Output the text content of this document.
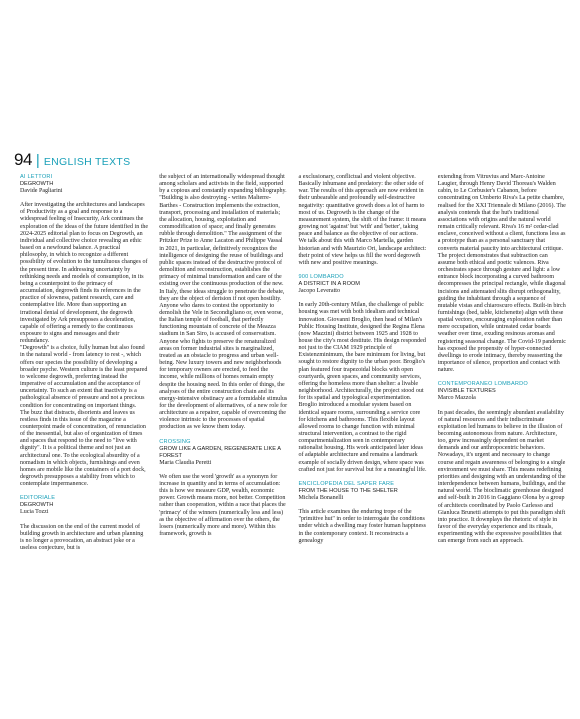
94 | ENGLISH TEXTS
AI LETTORI
DEGROWTH
Davide Pagliarini

After investigating the architectures and landscapes of Productivity as a goal and response to a widespread feeling of Insecurity, Ark continues the exploration of the ideas of the future identified in the 2024-2025 editorial plan to focus on Degrowth, an individual and collective choice revealing an ethic based on a newfound balance. A practical philosophy, in which to recognize a different possibility of evolution to the tumultuous changes of the present time. In addressing uncertainty by rethinking needs and models of consumption, in its being a counterpoint to the primacy of accumulation, degrowth finds its references in the practice of slowness, patient research, care and contemplative life. More than supporting an irrational denial of development, the degrowth investigated by Ark presupposes a deceleration, capable of offering a remedy to the continuous exposure to signs and messages and their redundancy.

"Degrowth" is a choice, fully human but also found in the natural world - from latency to rest -, which offers our species the possibility of developing a broader psyche. Western culture is the least prepared to welcome degrowth, preferring instead the imperative of accumulation and the acceptance of uncertainty. To such an extent that inactivity is a pathological absence of pressure and not a precious condition for concentrating on important things.

The buzz that distracts, disorients and leaves us restless finds in this issue of the magazine a counterpoint made of concentration, of renunciation of the inessential, but also of organization of times and spaces that respond to the need to "live with dignity". It is a political theme and not just an architectural one. To the ecological absurdity of a nomadism in which objects, furnishings and even homes are mobile like the containers of a port dock, degrowth presupposes a stability from which to contemplate impermanence.

EDITORIALE
DEGROWTH
Lucia Tozzi

The discussion on the end of the current model of building growth in architecture and urban planning is no longer a provocation, an abstract joke or a useless conjecture, but is

the subject of an internationally widespread thought among scholars and activists in the field, supported by a copious and constantly expanding bibliography. "Building is also destroying - writes Malterre-Barthes - Construction implements the extraction, transport, processing and installation of materials; the allocation, housing, exploitation and commodification of space; and finally generates rubble through demolition." The assignment of the Pritzker Prize to Anne Lacaton and Philippe Vassal in 2021, in particular, definitively recognizes the intelligence of designing the reuse of buildings and public spaces instead of the destructive protocol of demolition and reconstruction, establishes the primacy of minimal transformation and care of the existing over the continuous production of the new. In Italy, these ideas struggle to penetrate the debate, they are the object of derision if not open hostility. Anyone who dares to contest the opportunity to demolish the Vele in Secondigliano or, even worse, the Italian temple of football, that perfectly functioning mountain of concrete of the Meazza stadium in San Siro, is accused of conservatism. Anyone who fights to preserve the renaturalized areas on former industrial sites is marginalized, treated as an obstacle to progress and urban well-being. New luxury towers and new neighborhoods for temporary owners are erected, to feed the income, while millions of homes remain empty despite the housing need. In this order of things, the analyses of the entire construction chain and its energy-intensive obstinacy are a formidable stimulus for the development of alternatives, of a new role for architecture as a repairer, capable of overcoming the violence intrinsic to the processes of spatial production as we know them today.

CROSSING
GROW LIKE A GARDEN, REGENERATE LIKE A FOREST
Maria Claudia Peretti

We often use the word 'growth' as a synonym for increase in quantity and in terms of accumulation: this is how we measure GDP, wealth, economic power. Growth means more, not better. Competition rather than cooperation, within a race that places the 'primacy' of the winners (numerically less and less) as the objective of affirmation over the others, the losers (numerically more and more). Within this framework, growth is

a exclusionary, conflictual and violent objective. Basically inhumane and predatory: the other side of war. The results of this approach are now evident in their unbearable and profoundly self-destructive negativity: quantitative growth does a lot of harm to most of us. Degrowth is the change of the measurement system, the shift of the frame: it means growing not 'against' but 'with' and 'better', taking peace and balance as the objective of our actions. We talk about this with Marco Martella, garden historian and with Maurizio Ori, landscape architect: their point of view helps us fill the word degrowth with new and positive meanings.

900 LOMBARDO
A DISTRICT IN A ROOM
Jacopo Leveratto

In early 20th-century Milan, the challenge of public housing was met with both idealism and technical innovation. Giovanni Broglio, then head of Milan's Public Housing Institute, designed the Regina Elena (now Mazzini) district between 1925 and 1928 to house the city's most destitute. His design responded not just to the CIAM 1929 principle of Existenzminimum, the bare minimum for living, but sought to restore dignity to the urban poor. Broglio's plan featured four trapezoidal blocks with open courtyards, green spaces, and community services, offering the homeless more than shelter: a livable neighborhood. Architecturally, the project stood out for its spatial and typological experimentation. Broglio introduced a modular system based on identical square rooms, surrounding a service core for kitchens and bathrooms. This flexible layout allowed rooms to change function with minimal structural intervention, a contrast to the rigid compartmentalization seen in contemporary rationalist housing. His work anticipated later ideas of adaptable architecture and remains a landmark example of socially driven design, where space was crafted not just for survival but for a meaningful life.

ENCICLOPEDIA DEL SAPER FARE
FROM THE HOUSE TO THE SHELTER
Michela Bonanelli

This article examines the enduring trope of the "primitive hut" in order to interrogate the conditions under which a dwelling may foster human happiness in the contemporary context. It reconstructs a genealogy

extending from Vitruvius and Marc-Antoine Laugier, through Henry David Thoreau's Walden cabin, to Le Corbusier's Cabanon, before concentrating on Umberto Riva's La petite chambre, realised for the XXI Triennale di Milano (2016). The analysis contends that the hut's traditional associations with origins and the natural world remain critically relevant. Riva's 16 m² cedar-clad enclave, conceived without a client, functions less as a prototype than as a personal sanctuary that converts material paucity into architectural critique. The project demonstrates that subtraction can assume both ethical and poetic valences. Riva orchestrates space through gesture and light: a low entrance block incorporating a curved bathroom decompresses the principal rectangle, while diagonal incisions and attenuated slits disrupt orthogonality, guiding the inhabitant through a sequence of mutable vistas and chiaroscuro effects. Built-in birch furnishings (bed, table, kitchenette) align with these spatial vectors, encouraging exploration rather than mere occupation, while untreated cedar boards weather over time, exuding resinous aromas and registering seasonal change. The Covid-19 pandemic has exposed the propensity of hyper-connected dwellings to erode intimacy, thereby reasserting the importance of silence, proportion and contact with nature.

CONTEMPORANEO LOMBARDO
INVISIBLE TEXTURES
Marco Mazzola

In past decades, the seemingly abundant availability of natural resources and their indiscriminate exploitation led humans to believe in the illusion of becoming autonomous from nature. Architecture, too, grew increasingly dependent on market demands and our anthropocentric behaviors. Nowadays, it's urgent and necessary to change course and regain awareness of belonging to a single environment we must share. This means redefining priorities and designing with an understanding of the interdependence between humans, buildings, and the natural world. The bioclimatic greenhouse designed and self-built in 2016 in Gaggiano Olona by a group of architects coordinated by Paolo Carlesso and Gianluca Brunetti attempts to put this paradigm shift into practice. It downplays the rhetoric of style in favor of the everyday experience and its rituals, experimenting with the expressive possibilities that can emerge from such an approach.
